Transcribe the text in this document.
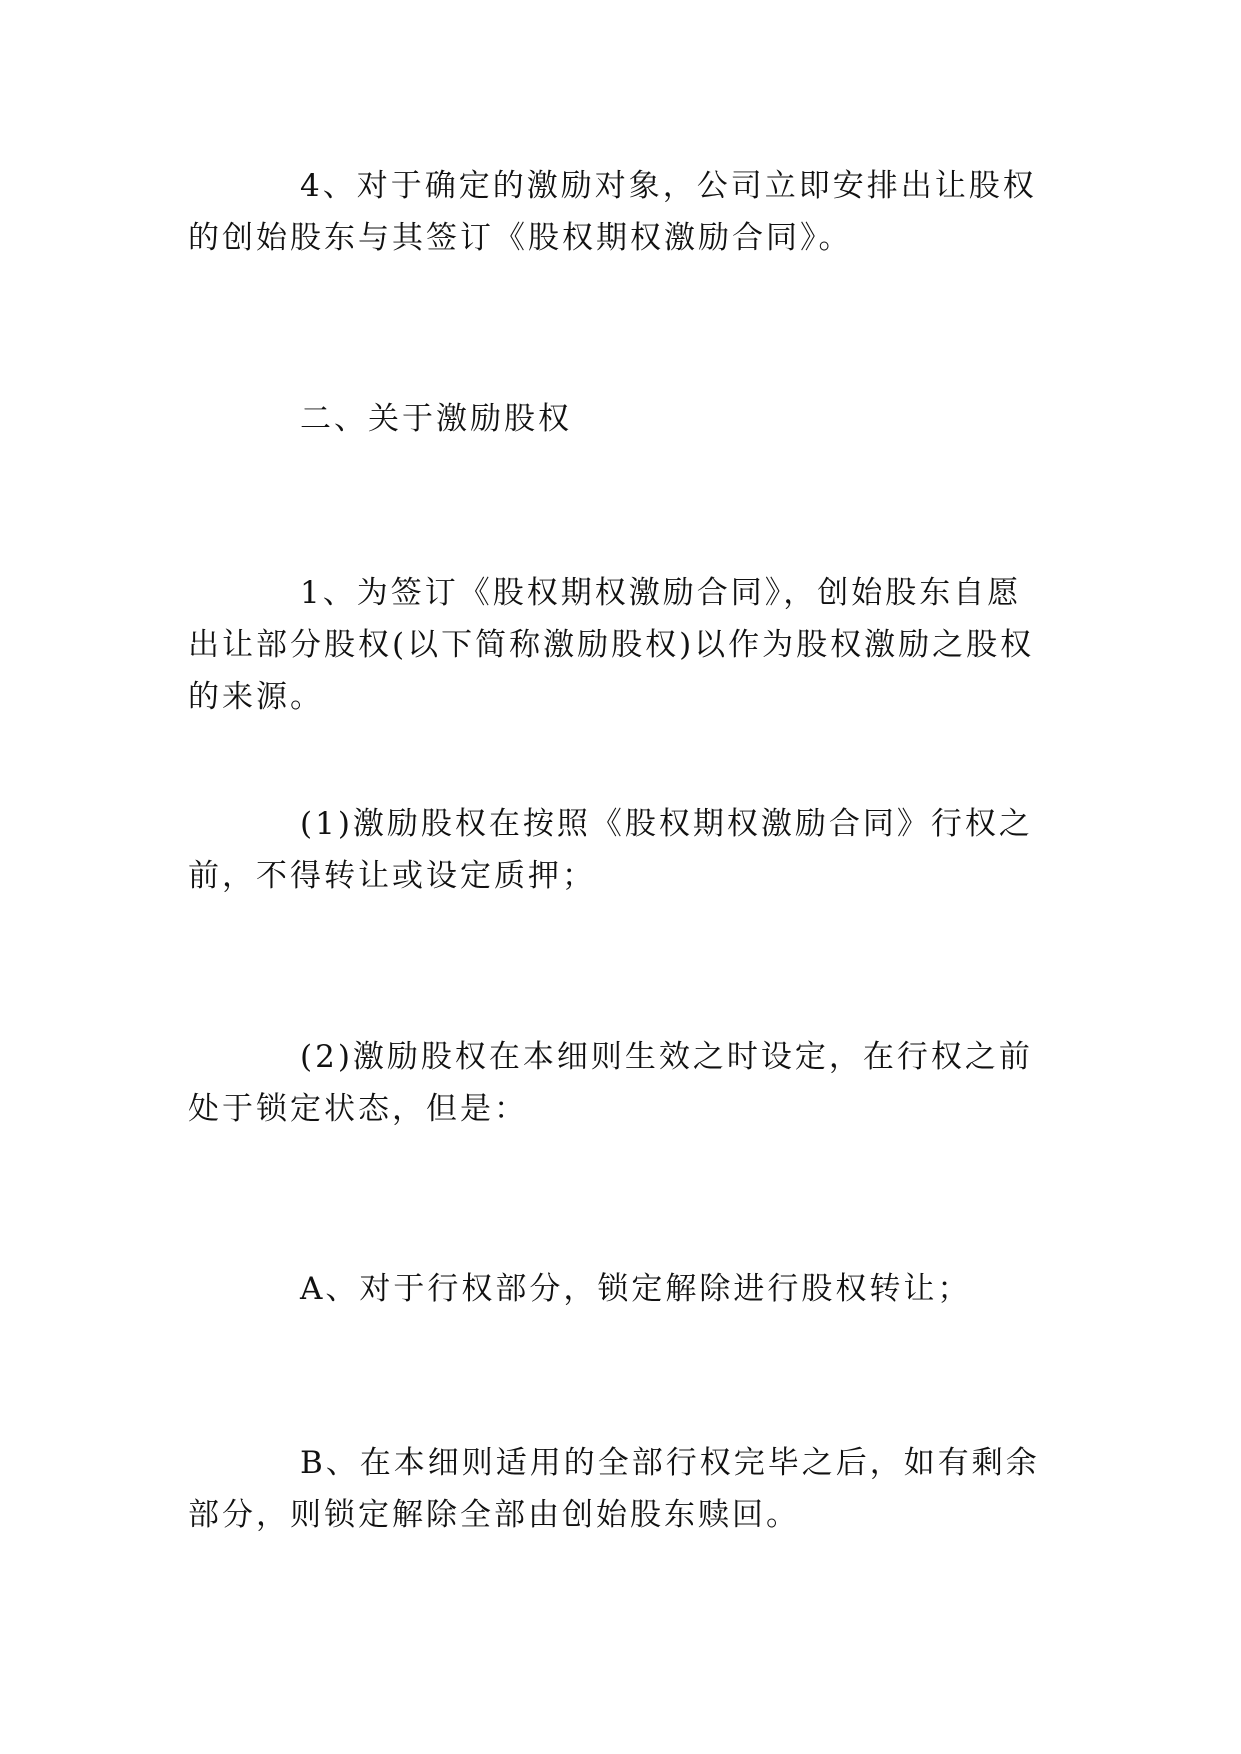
4、对于确定的激励对象，公司立即安排出让股权的创始股东与其签订《股权期权激励合同》。

二、关于激励股权

1、为签订《股权期权激励合同》，创始股东自愿出让部分股权(以下简称激励股权)以作为股权激励之股权的来源。

(1)激励股权在按照《股权期权激励合同》行权之前，不得转让或设定质押；

(2)激励股权在本细则生效之时设定，在行权之前处于锁定状态，但是：

A、对于行权部分，锁定解除进行股权转让；

B、在本细则适用的全部行权完毕之后，如有剩余部分，则锁定解除全部由创始股东赎回。
